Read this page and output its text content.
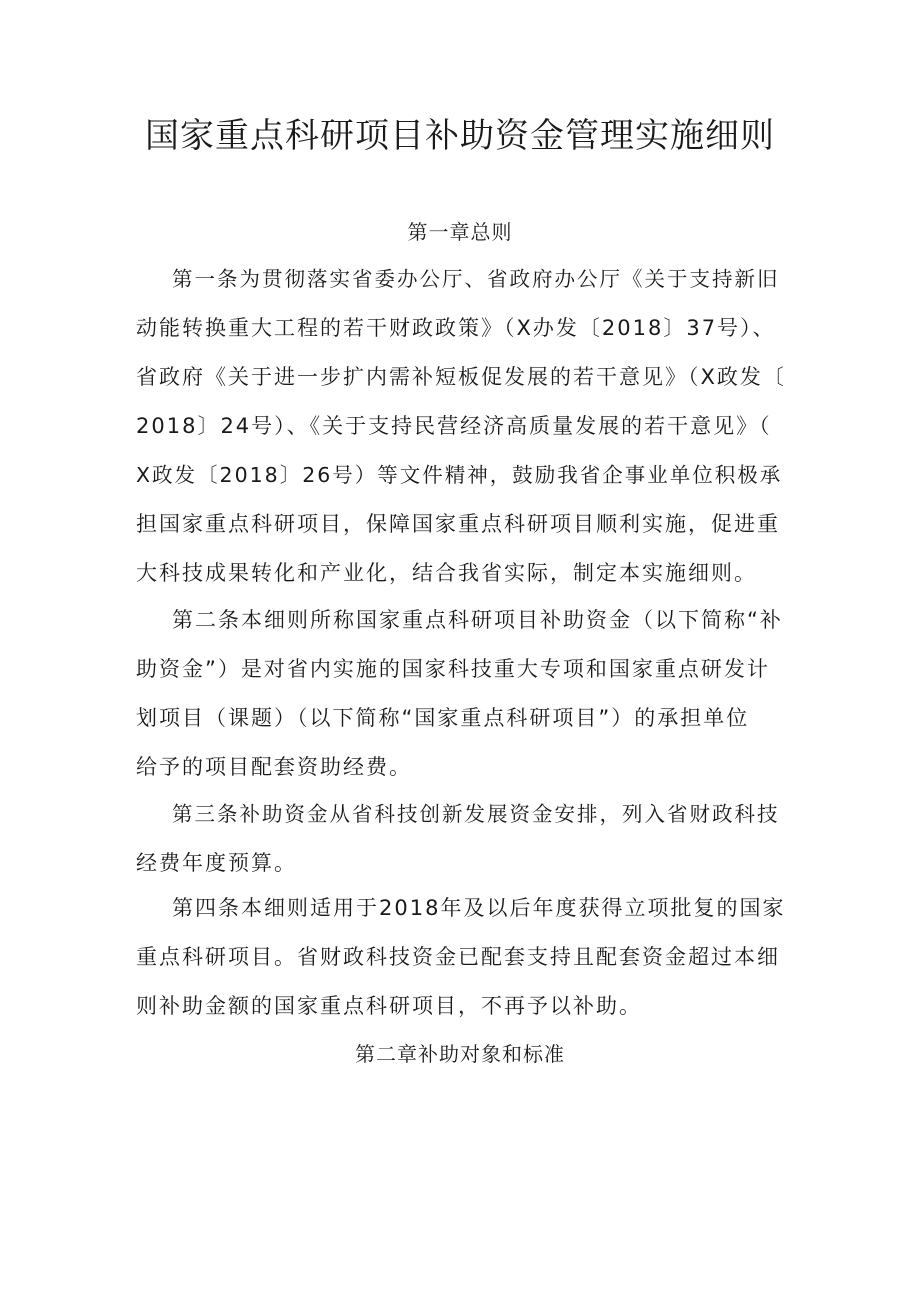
国家重点科研项目补助资金管理实施细则
第一章总则
第一条为贯彻落实省委办公厅、省政府办公厅《关于支持新旧
动能转换重大工程的若干财政政策》（X办发〔2018〕37号）、
省政府《关于进一步扩内需补短板促发展的若干意见》（X政发〔
2018〕24号）、《关于支持民营经济高质量发展的若干意见》（
X政发〔2018〕26号）等文件精神，鼓励我省企事业单位积极承
担国家重点科研项目，保障国家重点科研项目顺利实施，促进重
大科技成果转化和产业化，结合我省实际，制定本实施细则。
第二条本细则所称国家重点科研项目补助资金（以下简称“补
助资金”）是对省内实施的国家科技重大专项和国家重点研发计
划项目（课题）（以下简称“国家重点科研项目”）的承担单位
给予的项目配套资助经费。
第三条补助资金从省科技创新发展资金安排，列入省财政科技
经费年度预算。
第四条本细则适用于2018年及以后年度获得立项批复的国家
重点科研项目。省财政科技资金已配套支持且配套资金超过本细
则补助金额的国家重点科研项目，不再予以补助。
第二章补助对象和标准
